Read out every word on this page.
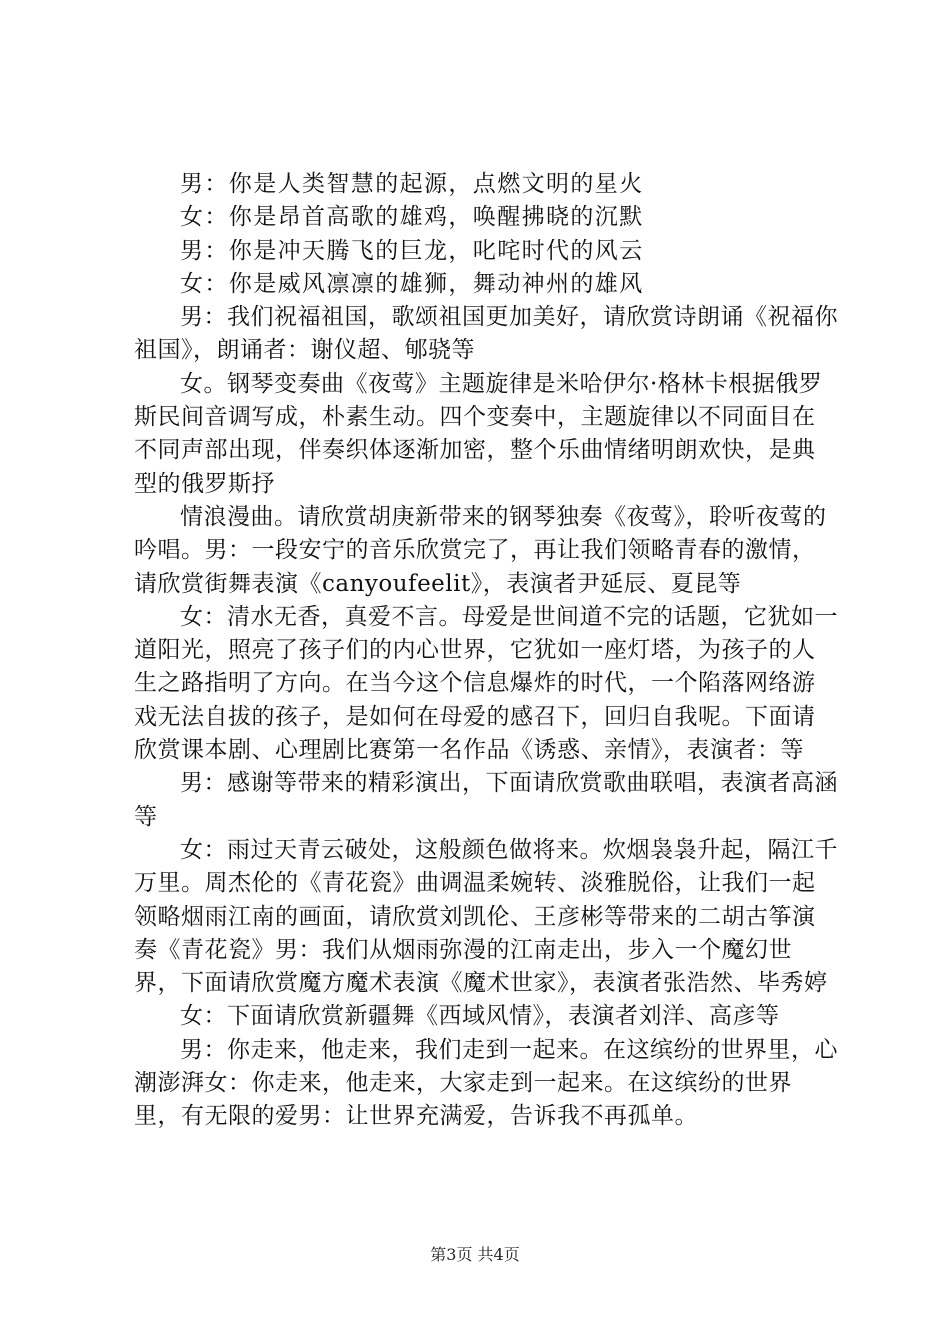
男：你是人类智慧的起源，点燃文明的星火

女：你是昂首高歌的雄鸡，唤醒拂晓的沉默

男：你是冲天腾飞的巨龙，叱咤时代的风云

女：你是威风凛凛的雄狮，舞动神州的雄风

男：我们祝福祖国，歌颂祖国更加美好，请欣赏诗朗诵《祝福你祖国》，朗诵者：谢仪超、郇骁等

女。钢琴变奏曲《夜莺》主题旋律是米哈伊尔·格林卡根据俄罗斯民间音调写成，朴素生动。四个变奏中，主题旋律以不同面目在不同声部出现，伴奏织体逐渐加密，整个乐曲情绪明朗欢快，是典型的俄罗斯抒

情浪漫曲。请欣赏胡庚新带来的钢琴独奏《夜莺》，聆听夜莺的吟唱。男：一段安宁的音乐欣赏完了，再让我们领略青春的激情，请欣赏街舞表演《canyoufeelit》，表演者尹延辰、夏昆等

女：清水无香，真爱不言。母爱是世间道不完的话题，它犹如一道阳光，照亮了孩子们的内心世界，它犹如一座灯塔，为孩子的人生之路指明了方向。在当今这个信息爆炸的时代，一个陷落网络游戏无法自拔的孩子，是如何在母爱的感召下，回归自我呢。下面请欣赏课本剧、心理剧比赛第一名作品《诱惑、亲情》，表演者：等

男：感谢等带来的精彩演出，下面请欣赏歌曲联唱，表演者高涵等

女：雨过天青云破处，这般颜色做将来。炊烟袅袅升起，隔江千万里。周杰伦的《青花瓷》曲调温柔婉转、淡雅脱俗，让我们一起领略烟雨江南的画面，请欣赏刘凯伦、王彦彬等带来的二胡古筝演奏《青花瓷》男：我们从烟雨弥漫的江南走出，步入一个魔幻世界，下面请欣赏魔方魔术表演《魔术世家》，表演者张浩然、毕秀婷

女：下面请欣赏新疆舞《西域风情》，表演者刘洋、高彦等

男：你走来，他走来，我们走到一起来。在这缤纷的世界里，心潮澎湃女：你走来，他走来，大家走到一起来。在这缤纷的世界里，有无限的爱男：让世界充满爱，告诉我不再孤单。

第3页 共4页
